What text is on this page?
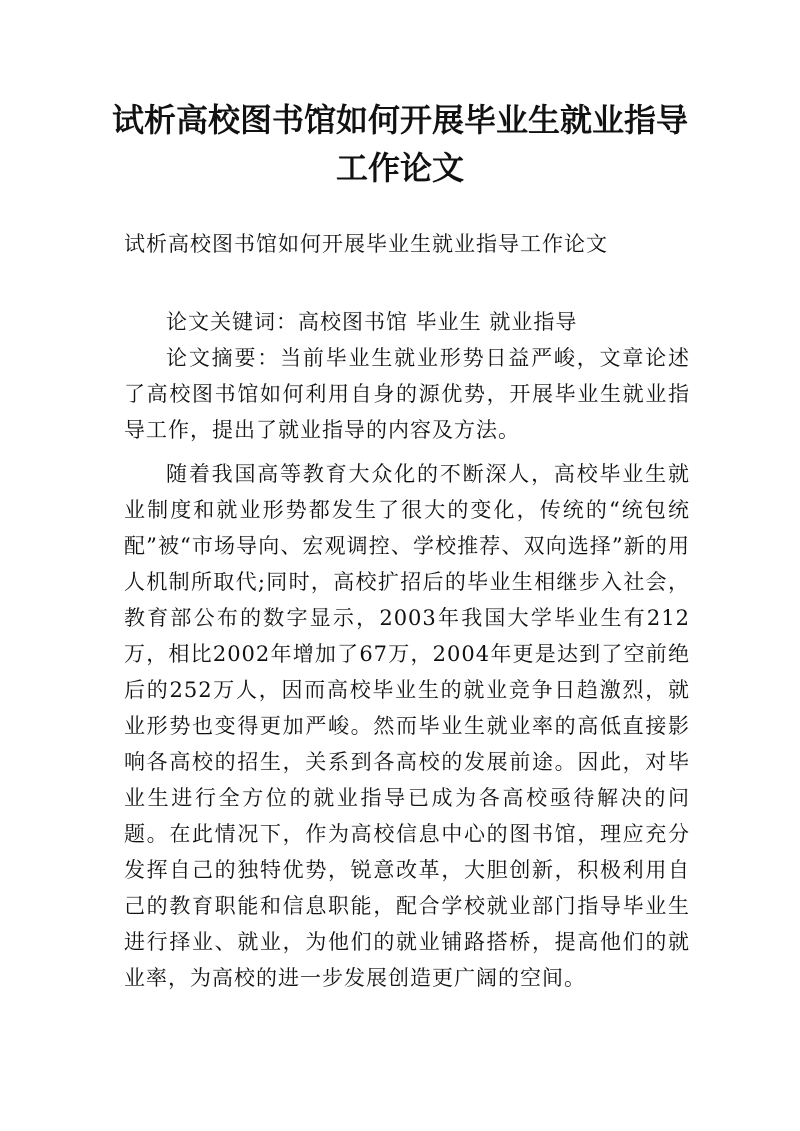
试析高校图书馆如何开展毕业生就业指导
工作论文

试析高校图书馆如何开展毕业生就业指导工作论文

论文关键词：高校图书馆 毕业生 就业指导

论文摘要：当前毕业生就业形势日益严峻，文章论述了高校图书馆如何利用自身的源优势，开展毕业生就业指导工作，提出了就业指导的内容及方法。

随着我国高等教育大众化的不断深人，高校毕业生就业制度和就业形势都发生了很大的变化，传统的“统包统配”被“市场导向、宏观调控、学校推荐、双向选择”新的用人机制所取代;同时，高校扩招后的毕业生相继步入社会，教育部公布的数字显示，2003年我国大学毕业生有212万，相比2002年增加了67万，2004年更是达到了空前绝后的252万人，因而高校毕业生的就业竞争日趋激烈，就业形势也变得更加严峻。然而毕业生就业率的高低直接影响各高校的招生，关系到各高校的发展前途。因此，对毕业生进行全方位的就业指导已成为各高校亟待解决的问题。在此情况下，作为高校信息中心的图书馆，理应充分发挥自己的独特优势，锐意改革，大胆创新，积极利用自己的教育职能和信息职能，配合学校就业部门指导毕业生进行择业、就业，为他们的就业铺路搭桥，提高他们的就业率，为高校的进一步发展创造更广阔的空间。
